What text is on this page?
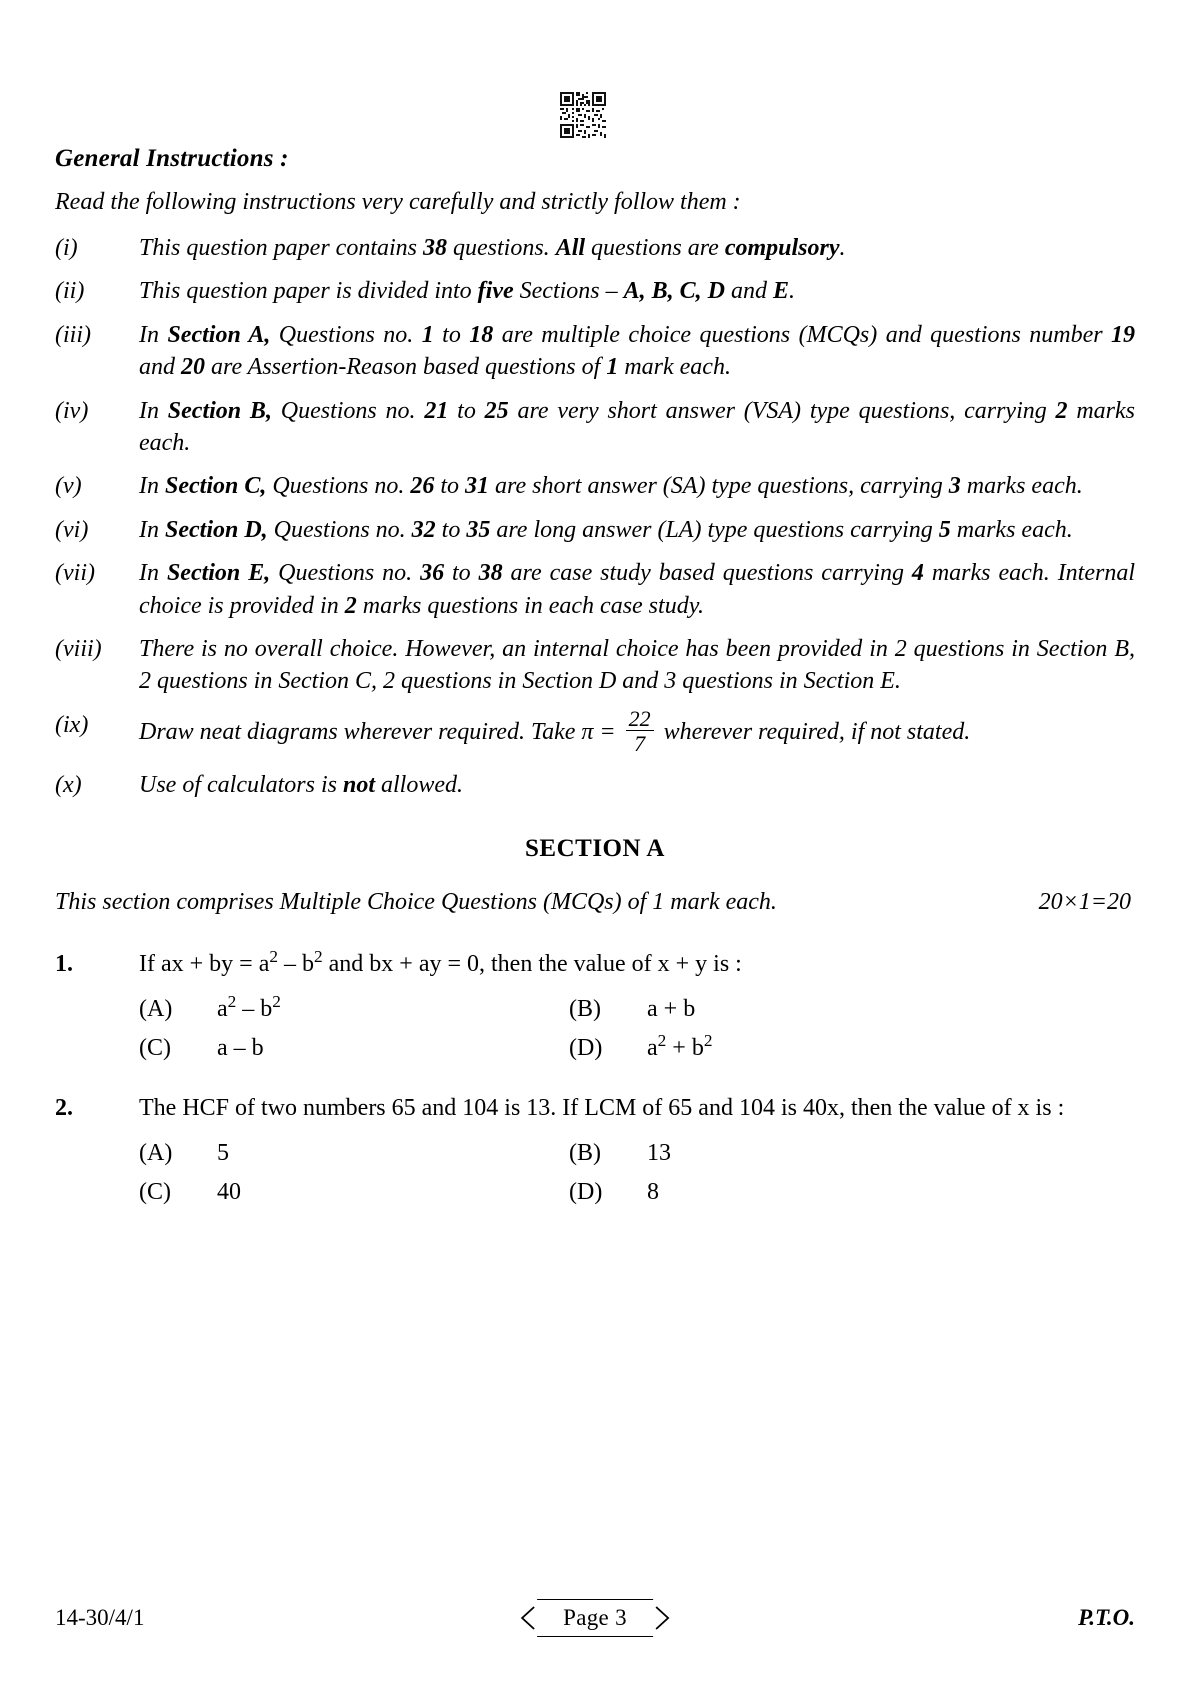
General Instructions :
Read the following instructions very carefully and strictly follow them :
(i)	This question paper contains 38 questions. All questions are compulsory.
(ii)	This question paper is divided into five Sections – A, B, C, D and E.
(iii)	In Section A, Questions no. 1 to 18 are multiple choice questions (MCQs) and questions number 19 and 20 are Assertion-Reason based questions of 1 mark each.
(iv)	In Section B, Questions no. 21 to 25 are very short answer (VSA) type questions, carrying 2 marks each.
(v)	In Section C, Questions no. 26 to 31 are short answer (SA) type questions, carrying 3 marks each.
(vi)	In Section D, Questions no. 32 to 35 are long answer (LA) type questions carrying 5 marks each.
(vii)	In Section E, Questions no. 36 to 38 are case study based questions carrying 4 marks each. Internal choice is provided in 2 marks questions in each case study.
(viii)	There is no overall choice. However, an internal choice has been provided in 2 questions in Section B, 2 questions in Section C, 2 questions in Section D and 3 questions in Section E.
(ix)	Draw neat diagrams wherever required. Take $\pi = \frac{22}{7}$ wherever required, if not stated.
(x)	Use of calculators is not allowed.
SECTION A
This section comprises Multiple Choice Questions (MCQs) of 1 mark each.	20×1=20
1.	If ax + by = $a^2 - b^2$ and bx + ay = 0, then the value of x + y is :
(A)	$a^2 - b^2$	(B)	a + b
(C)	a – b	(D)	$a^2 + b^2$
2.	The HCF of two numbers 65 and 104 is 13. If LCM of 65 and 104 is 40x, then the value of x is :
(A)	5	(B)	13
(C)	40	(D)	8
14-30/4/1	Page 3	P.T.O.
